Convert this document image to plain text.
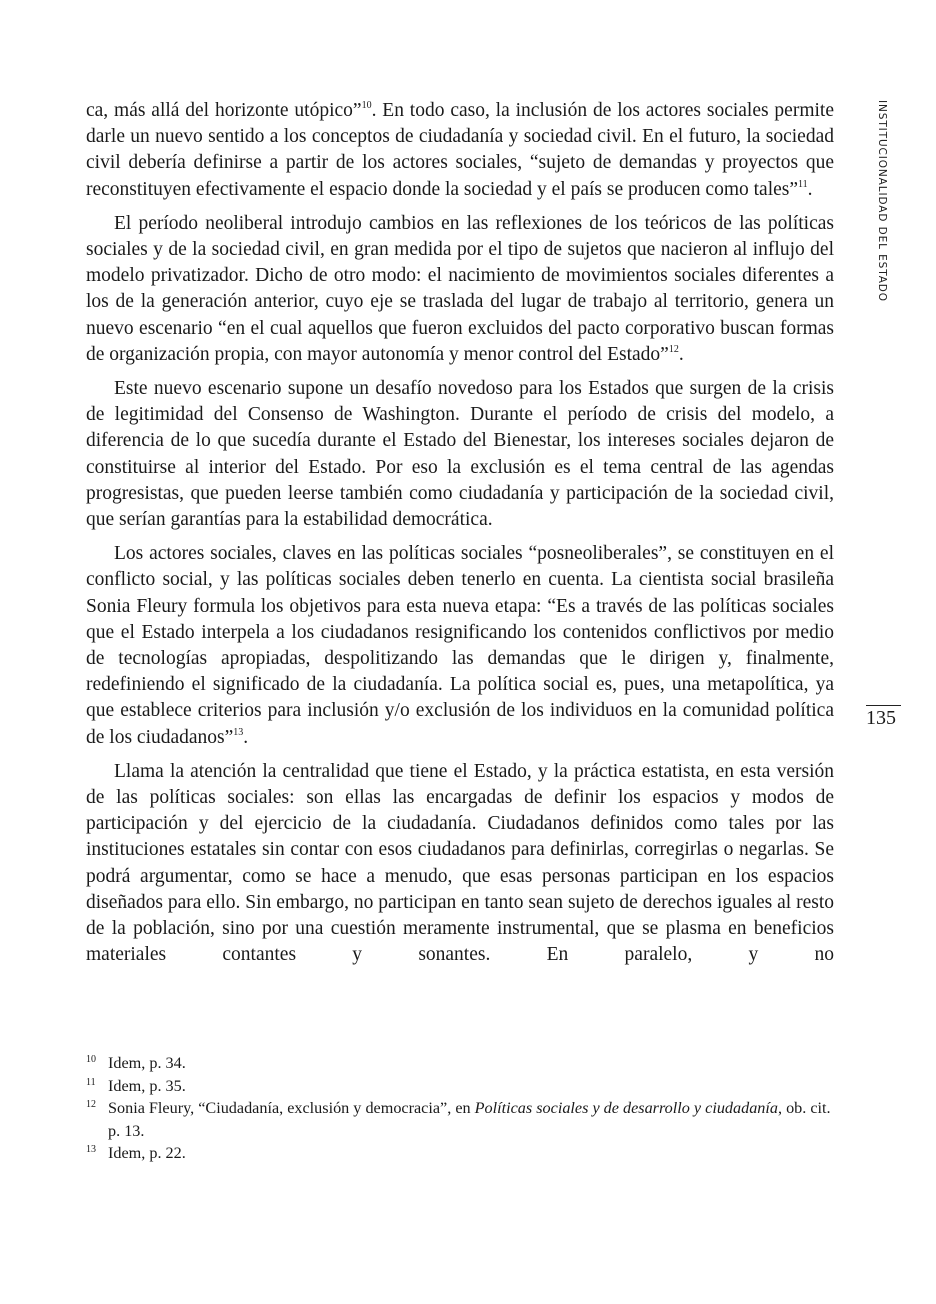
ca, más allá del horizonte utópico”$^{10}$. En todo caso, la inclusión de los actores sociales permite darle un nuevo sentido a los conceptos de ciudadanía y sociedad civil. En el futuro, la sociedad civil debería definirse a partir de los actores sociales, “sujeto de demandas y proyectos que reconstituyen efectivamente el espacio donde la sociedad y el país se producen como tales”$^{11}$.

El período neoliberal introdujo cambios en las reflexiones de los teóricos de las políticas sociales y de la sociedad civil, en gran medida por el tipo de sujetos que nacieron al influjo del modelo privatizador. Dicho de otro modo: el nacimiento de movimientos sociales diferentes a los de la generación anterior, cuyo eje se traslada del lugar de trabajo al territorio, genera un nuevo escenario “en el cual aquellos que fueron excluidos del pacto corporativo buscan formas de organización propia, con mayor autonomía y menor control del Estado”$^{12}$.

Este nuevo escenario supone un desafío novedoso para los Estados que surgen de la crisis de legitimidad del Consenso de Washington. Durante el período de crisis del modelo, a diferencia de lo que sucedía durante el Estado del Bienestar, los intereses sociales dejaron de constituirse al interior del Estado. Por eso la exclusión es el tema central de las agendas progresistas, que pueden leerse también como ciudadanía y participación de la sociedad civil, que serían garantías para la estabilidad democrática.

Los actores sociales, claves en las políticas sociales “posneoliberales”, se constituyen en el conflicto social, y las políticas sociales deben tenerlo en cuenta. La cientista social brasileña Sonia Fleury formula los objetivos para esta nueva etapa: “Es a través de las políticas sociales que el Estado interpela a los ciudadanos resignificando los contenidos conflictivos por medio de tecnologías apropiadas, despolitizando las demandas que le dirigen y, finalmente, redefiniendo el significado de la ciudadanía. La política social es, pues, una metapolítica, ya que establece criterios para inclusión y/o exclusión de los individuos en la comunidad política de los ciudadanos”$^{13}$.

Llama la atención la centralidad que tiene el Estado, y la práctica estatista, en esta versión de las políticas sociales: son ellas las encargadas de definir los espacios y modos de participación y del ejercicio de la ciudadanía. Ciudadanos definidos como tales por las instituciones estatales sin contar con esos ciudadanos para definirlas, corregirlas o negarlas. Se podrá argumentar, como se hace a menudo, que esas personas participan en los espacios diseñados para ello. Sin embargo, no participan en tanto sean sujeto de derechos iguales al resto de la población, sino por una cuestión meramente instrumental, que se plasma en beneficios materiales contantes y sonantes. En paralelo, y no

INSTITUCIONALIDAD DEL ESTADO
135
10 Idem, p. 34.
11 Idem, p. 35.
12 Sonia Fleury, “Ciudadanía, exclusión y democracia”, en Políticas sociales y de desarrollo y ciudadanía, ob. cit. p. 13.
13 Idem, p. 22.
